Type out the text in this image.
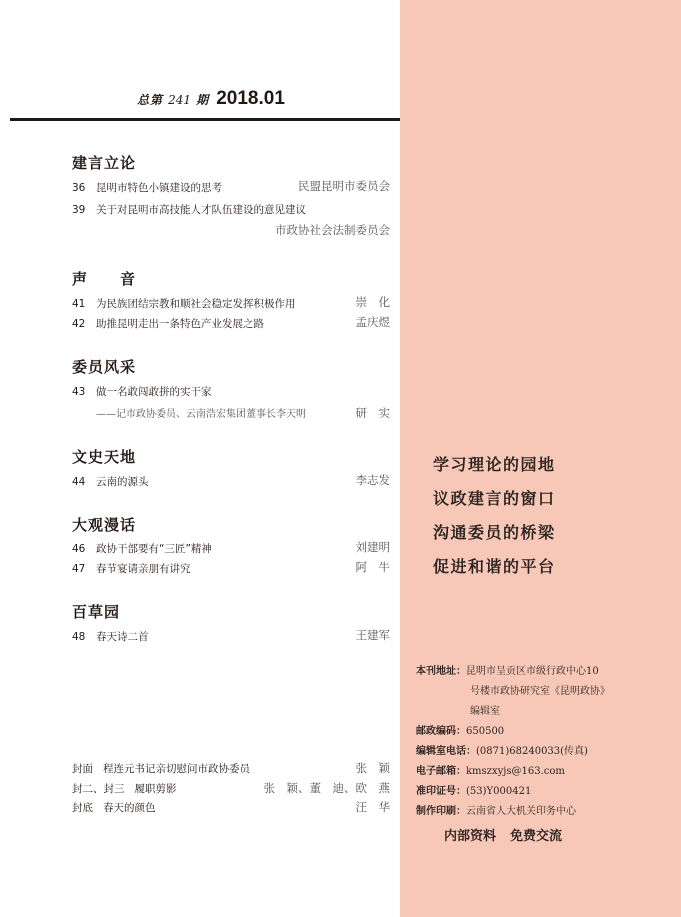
总第 241 期 2018.01
建言立论
36 昆明市特色小镇建设的思考	民盟昆明市委员会
39 关于对昆明市高技能人才队伍建设的意见建议
市政协社会法制委员会
声　　音
41 为民族团结宗教和顺社会稳定发挥积极作用	崇　化
42 助推昆明走出一条特色产业发展之路	孟庆煜
委员风采
43 做一名敢闯敢拼的实干家
——记市政协委员、云南浩宏集团董事长李天明	研　实
文史天地
44 云南的源头	李志发
大观漫话
46 政协干部要有“三匠”精神	刘建明
47 春节宴请亲朋有讲究	阿　牛
百草园
48 春天诗二首	王建军
封面 程连元书记亲切慰问市政协委员	张　颖
封二、封三 履职剪影	张　颖、董　迪、欧　燕
封底 春天的颜色	汪　华
学习理论的园地
议政建言的窗口
沟通委员的桥梁
促进和谐的平台
本刊地址：昆明市呈贡区市级行政中心10
号楼市政协研究室《昆明政协》
编辑室
邮政编码：650500
编辑室电话：(0871)68240033(传真)
电子邮箱：kmszxyjs@163.com
准印证号：(53)Y000421
制作印刷：云南省人大机关印务中心
内部资料 免费交流
